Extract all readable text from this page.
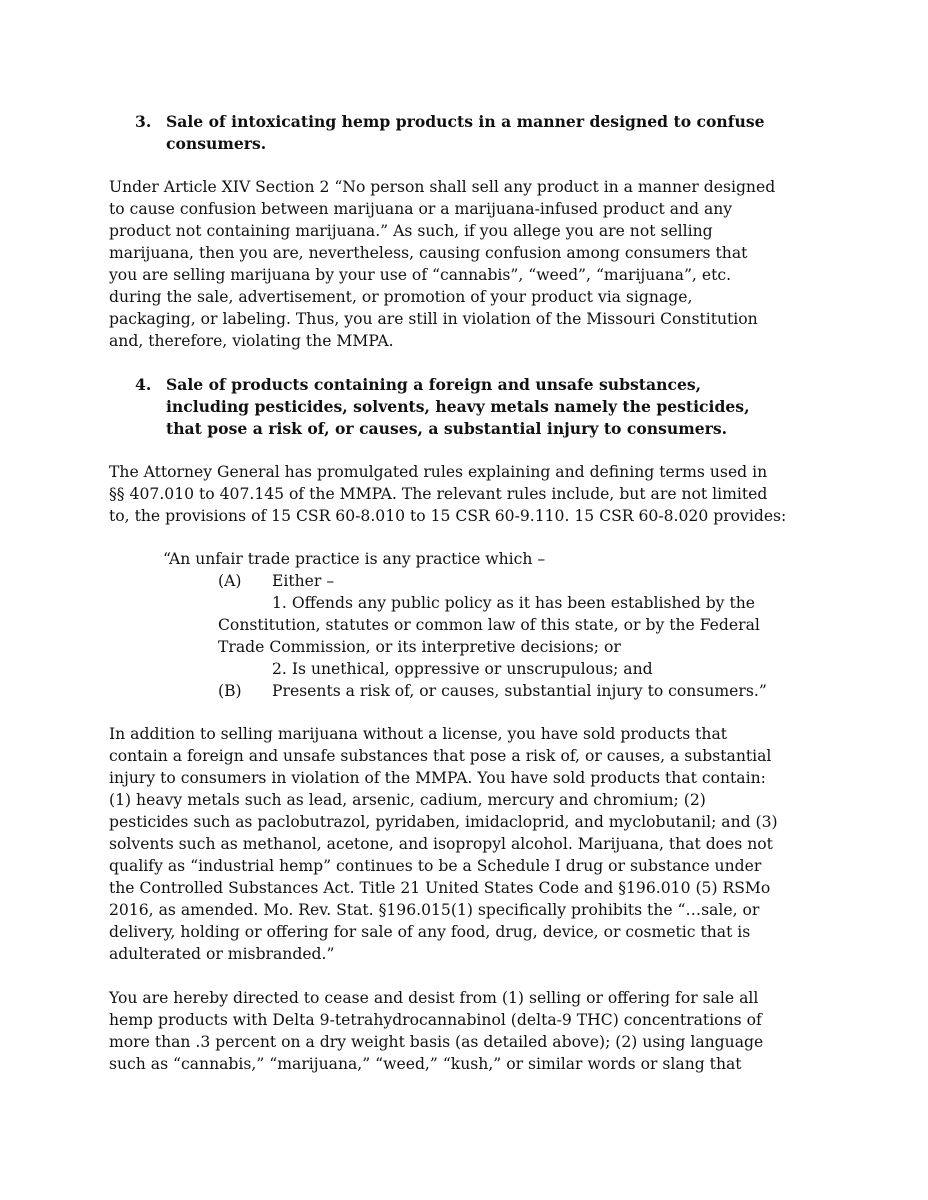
3. Sale of intoxicating hemp products in a manner designed to confuse
consumers.
Under Article XIV Section 2 “No person shall sell any product in a manner designed
to cause confusion between marijuana or a marijuana-infused product and any
product not containing marijuana.” As such, if you allege you are not selling
marijuana, then you are, nevertheless, causing confusion among consumers that
you are selling marijuana by your use of “cannabis”, “weed”, “marijuana”, etc.
during the sale, advertisement, or promotion of your product via signage,
packaging, or labeling. Thus, you are still in violation of the Missouri Constitution
and, therefore, violating the MMPA.
4. Sale of products containing a foreign and unsafe substances,
including pesticides, solvents, heavy metals namely the pesticides,
that pose a risk of, or causes, a substantial injury to consumers.
The Attorney General has promulgated rules explaining and defining terms used in
§§ 407.010 to 407.145 of the MMPA. The relevant rules include, but are not limited
to, the provisions of 15 CSR 60-8.010 to 15 CSR 60-9.110. 15 CSR 60-8.020 provides:
“An unfair trade practice is any practice which –
(A) Either –
1. Offends any public policy as it has been established by the
Constitution, statutes or common law of this state, or by the Federal
Trade Commission, or its interpretive decisions; or
2. Is unethical, oppressive or unscrupulous; and
(B) Presents a risk of, or causes, substantial injury to consumers.”
In addition to selling marijuana without a license, you have sold products that
contain a foreign and unsafe substances that pose a risk of, or causes, a substantial
injury to consumers in violation of the MMPA. You have sold products that contain:
(1) heavy metals such as lead, arsenic, cadium, mercury and chromium; (2)
pesticides such as paclobutrazol, pyridaben, imidacloprid, and myclobutanil; and (3)
solvents such as methanol, acetone, and isopropyl alcohol. Marijuana, that does not
qualify as “industrial hemp” continues to be a Schedule I drug or substance under
the Controlled Substances Act. Title 21 United States Code and §196.010 (5) RSMo
2016, as amended. Mo. Rev. Stat. §196.015(1) specifically prohibits the “…sale, or
delivery, holding or offering for sale of any food, drug, device, or cosmetic that is
adulterated or misbranded.”
You are hereby directed to cease and desist from (1) selling or offering for sale all
hemp products with Delta 9-tetrahydrocannabinol (delta-9 THC) concentrations of
more than .3 percent on a dry weight basis (as detailed above); (2) using language
such as “cannabis,” “marijuana,” “weed,” “kush,” or similar words or slang that
